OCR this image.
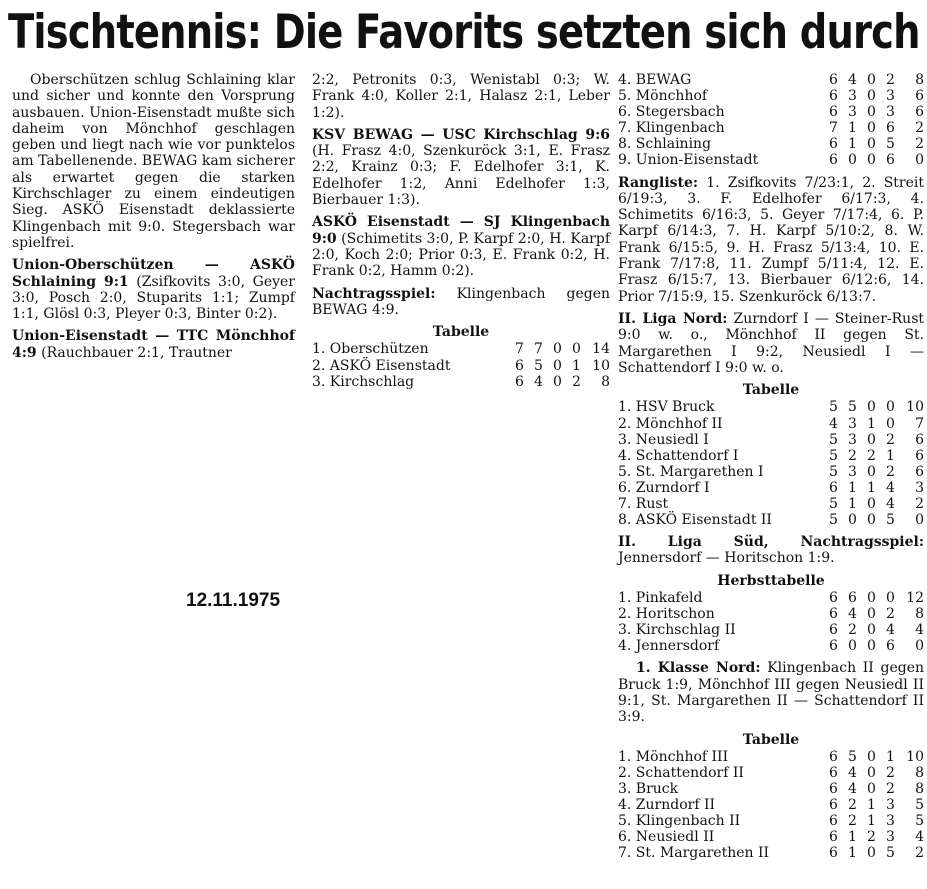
Tischtennis: Die Favorits setzten sich durch

Oberschützen schlug Schlaining klar und sicher und konnte den Vorsprung ausbauen. Union-Eisenstadt mußte sich daheim von Mönchhof geschlagen geben und liegt nach wie vor punktelos am Tabellenende. BEWAG kam sicherer als erwartet gegen die starken Kirchschlager zu einem eindeutigen Sieg. ASKÖ Eisenstadt deklassierte Klingenbach mit 9:0. Stegersbach war spielfrei.

Union-Oberschützen — ASKÖ Schlaining 9:1 (Zsifkovits 3:0, Geyer 3:0, Posch 2:0, Stuparits 1:1; Zumpf 1:1, Glösl 0:3, Pleyer 0:3, Binter 0:2).

Union-Eisenstadt — TTC Mönchhof 4:9 (Rauchbauer 2:1, Trautner

2:2, Petronits 0:3, Wenistabl 0:3; W. Frank 4:0, Koller 2:1, Halasz 2:1, Leber 1:2).

KSV BEWAG — USC Kirchschlag 9:6 (H. Frasz 4:0, Szenkuröck 3:1, E. Frasz 2:2, Krainz 0:3; F. Edelhofer 3:1, K. Edelhofer 1:2, Anni Edelhofer 1:3, Bierbauer 1:3).

ASKÖ Eisenstadt — SJ Klingenbach 9:0 (Schimetits 3:0, P. Karpf 2:0, H. Karpf 2:0, Koch 2:0; Prior 0:3, E. Frank 0:2, H. Frank 0:2, Hamm 0:2).

Nachtragsspiel: Klingenbach gegen BEWAG 4:9.

Tabelle
1. Oberschützen		7	7	0	0	14
2. ASKÖ Eisenstadt		6	5	0	1	10
3. Kirchschlag		6	4	0	2	8
4. BEWAG		6	4	0	2	8
5. Mönchhof		6	3	0	3	6
6. Stegersbach		6	3	0	3	6
7. Klingenbach		7	1	0	6	2
8. Schlaining		6	1	0	5	2
9. Union-Eisenstadt		6	0	0	6	0

Rangliste: 1. Zsifkovits 7/23:1, 2. Streit 6/19:3, 3. F. Edelhofer 6/17:3, 4. Schimetits 6/16:3, 5. Geyer 7/17:4, 6. P. Karpf 6/14:3, 7. H. Karpf 5/10:2, 8. W. Frank 6/15:5, 9. H. Frasz 5/13:4, 10. E. Frank 7/17:8, 11. Zumpf 5/11:4, 12. E. Frasz 6/15:7, 13. Bierbauer 6/12:6, 14. Prior 7/15:9, 15. Szenkuröck 6/13:7.

II. Liga Nord: Zurndorf I — Steiner-Rust 9:0 w. o., Mönchhof II gegen St. Margarethen I 9:2, Neusiedl I — Schattendorf I 9:0 w. o.

Tabelle
1. HSV Bruck		5	5	0	0	10
2. Mönchhof II		4	3	1	0	7
3. Neusiedl I		5	3	0	2	6
4. Schattendorf I		5	2	2	1	6
5. St. Margarethen I		5	3	0	2	6
6. Zurndorf I		6	1	1	4	3
7. Rust		5	1	0	4	2
8. ASKÖ Eisenstadt II		5	0	0	5	0

II. Liga Süd, Nachtragsspiel: Jennersdorf — Horitschon 1:9.

Herbsttabelle
1. Pinkafeld		6	6	0	0	12
2. Horitschon		6	4	0	2	8
3. Kirchschlag II		6	2	0	4	4
4. Jennersdorf		6	0	0	6	0

1. Klasse Nord: Klingenbach II gegen Bruck 1:9, Mönchhof III gegen Neusiedl II 9:1, St. Margarethen II — Schattendorf II 3:9.

Tabelle
1. Mönchhof III		6	5	0	1	10
2. Schattendorf II		6	4	0	2	8
3. Bruck		6	4	0	2	8
4. Zurndorf II		6	2	1	3	5
5. Klingenbach II		6	2	1	3	5
6. Neusiedl II		6	1	2	3	4
7. St. Margarethen II		6	1	0	5	2

12.11.1975
